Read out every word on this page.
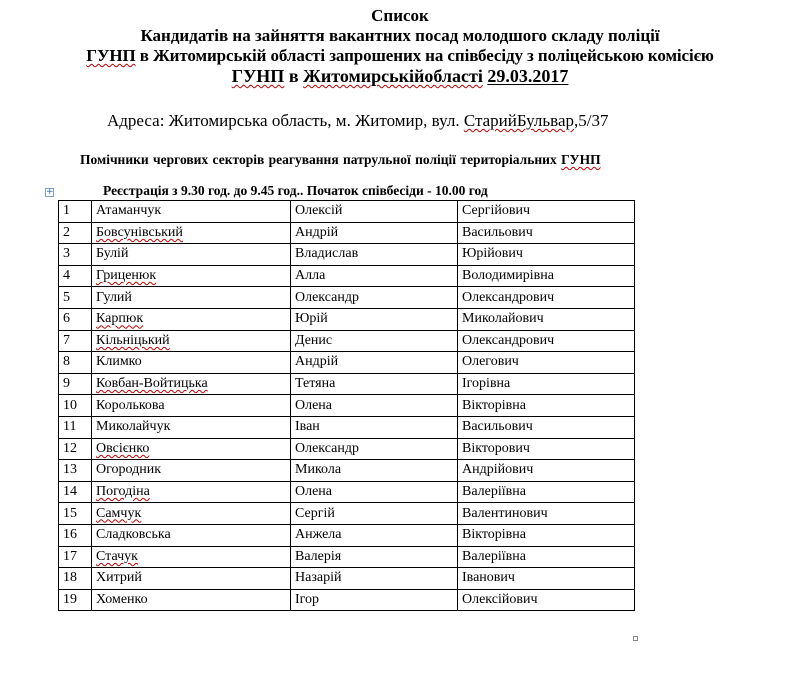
Список
Кандидатів на зайняття вакантних посад молодшого складу поліції
ГУНП в Житомирській області запрошених на співбесіду з поліцейською комісією
ГУНП в Житомирськійобласті 29.03.2017
Адреса: Житомирська область, м. Житомир, вул. СтарийБульвар,5/37
Помічники чергових секторів реагування патрульної поліції територіальних ГУНП
+	Реєстрація з 9.30 год. до 9.45 год.. Початок співбесіди - 10.00 год
1	Атаманчук	Олексій	Сергійович
2	Бовсунівський	Андрій	Васильович
3	Булій	Владислав	Юрійович
4	Гриценюк	Алла	Володимирівна
5	Гулий	Олександр	Олександрович
6	Карпюк	Юрій	Миколайович
7	Кільніцький	Денис	Олександрович
8	Климко	Андрій	Олегович
9	Ковбан-Войтицька	Тетяна	Ігорівна
10	Королькова	Олена	Вікторівна
11	Миколайчук	Іван	Васильович
12	Овсієнко	Олександр	Вікторович
13	Огородник	Микола	Андрійович
14	Погодіна	Олена	Валеріївна
15	Самчук	Сергій	Валентинович
16	Сладковська	Анжела	Вікторівна
17	Стачук	Валерія	Валеріївна
18	Хитрий	Назарій	Іванович
19	Хоменко	Ігор	Олексійович
